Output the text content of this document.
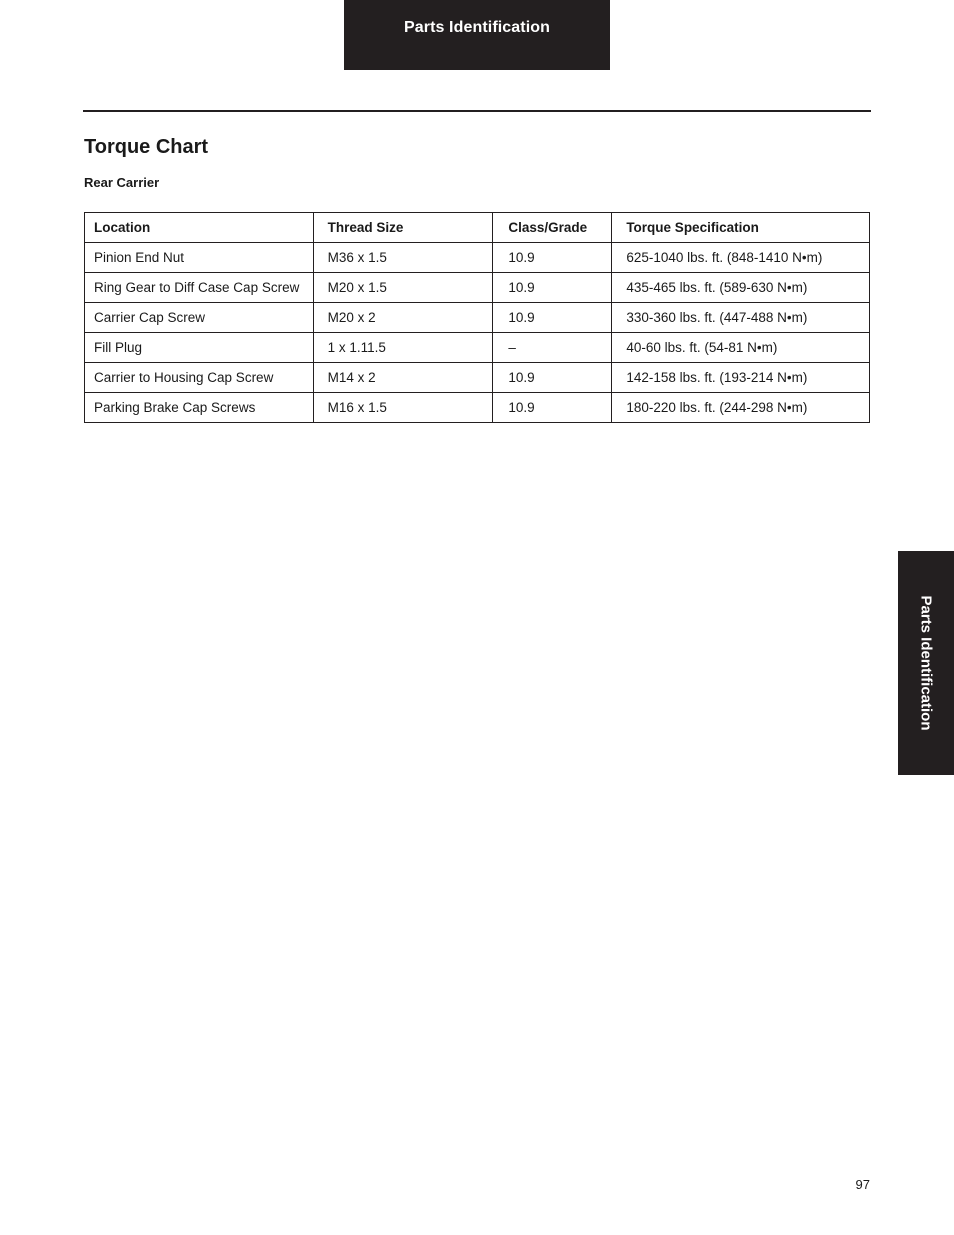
Parts Identification
Torque Chart
Rear Carrier
Location	Thread Size	Class/Grade	Torque Specification
Pinion End Nut	M36 x 1.5	10.9	625-1040 lbs. ft. (848-1410 N•m)
Ring Gear to Diff Case Cap Screw	M20 x 1.5	10.9	435-465 lbs. ft. (589-630 N•m)
Carrier Cap Screw	M20 x 2	10.9	330-360 lbs. ft. (447-488 N•m)
Fill Plug	1 x 1.11.5	–	40-60 lbs. ft. (54-81 N•m)
Carrier to Housing Cap Screw	M14 x 2	10.9	142-158 lbs. ft. (193-214 N•m)
Parking Brake Cap Screws	M16 x 1.5	10.9	180-220 lbs. ft. (244-298 N•m)
Parts Identification
97
